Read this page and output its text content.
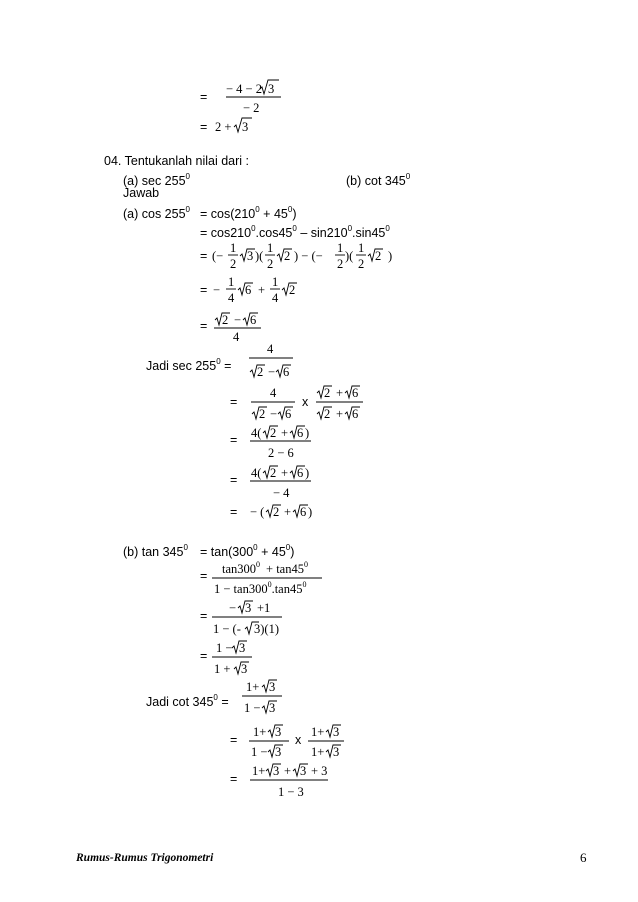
04. Tentukanlah nilai dari :
(a) $\sec 255^0$	(b) $\cot 345^0$
Jawab
(a) $\cos 255^0 = \cos(210^0 + 45^0)$
= $\cos 210^0.\cos 45^0 - \sin 210^0.\sin 45^0$
Jadi $\sec 255^0$ =
(b) $\tan 345^0 = \tan(300^0 + 45^0)$
Jadi $\cot 345^0$ =
=
− 4 − 2 3
− 2
= 2 + 3
= (−
1
2
3 )(
1
2
2 ) − (−
1
2
)(
1
2
2 )
= −
1
4
6 +
1
4
2
= 2 − 6
4
4
2 − 6
=
4
2 − 6
x
2 + 6
2 + 6
= 4( 2 + 6 )
2 − 6
= 4( 2 + 6 )
− 4
= − ( 2 + 6 )
= $\tan 300^0 + \tan 45^0$
$1 - \tan 300^0.\tan 45^0$
=
− 3 +1
1 − (- 3)(1)
=
1 − 3
1 + 3
1+ 3
1 − 3
=
1+ 3
1 − 3
x
1+ 3
1+ 3
=
1+ 3 + 3 + 3
1 − 3
Rumus-Rumus Trigonometri	6
